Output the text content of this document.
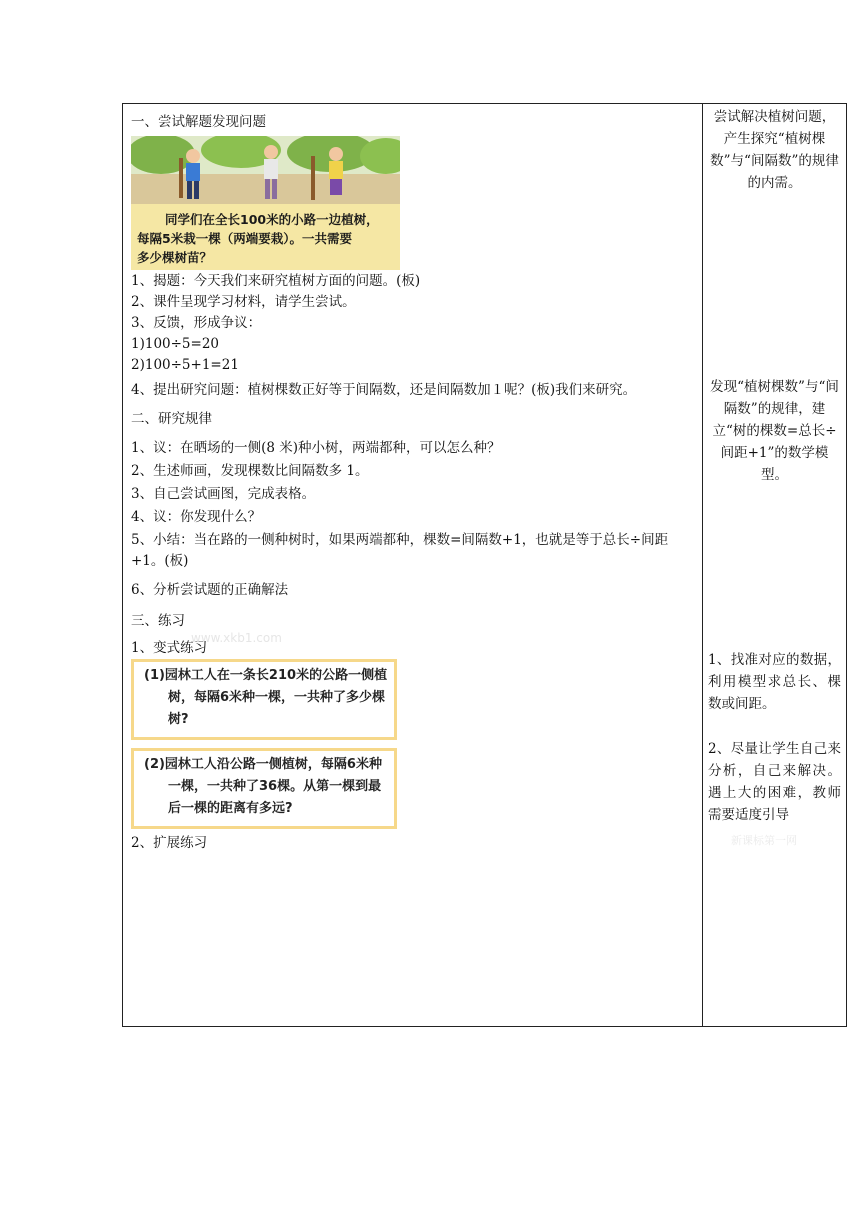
一、尝试解题发现问题

同学们在全长100米的小路一边植树，
每隔5米栽一棵（两端要栽）。一共需要
多少棵树苗？

1、揭题：今天我们来研究植树方面的问题。(板)

2、课件呈现学习材料，请学生尝试。

3、反馈，形成争议：

1)100÷5=20

2)100÷5+1=21

4、提出研究问题：植树棵数正好等于间隔数，还是间隔数加１呢？(板)我们来研究。

二、研究规律

1、议：在晒场的一侧(8 米)种小树，两端都种，可以怎么种？

2、生述师画，发现棵数比间隔数多 1。

3、自己尝试画图，完成表格。

4、议：你发现什么？

5、小结：当在路的一侧种树时，如果两端都种，棵数=间隔数+1，也就是等于总长÷间距+1。(板)

6、分析尝试题的正确解法

三、练习

1、变式练习

(1)园林工人在一条长210米的公路一侧植树，每隔6米种一棵，一共种了多少棵树?
(2)园林工人沿公路一侧植树，每隔6米种一棵，一共种了36棵。从第一棵到最后一棵的距离有多远?

2、扩展练习

尝试解决植树问题，产生探究“植树棵数”与“间隔数”的规律的内需。
发现“植树棵数”与“间隔数”的规律，建立“树的棵数=总长÷间距+1”的数学模型。
1、找准对应的数据，利用模型求总长、棵数或间距。
2、尽量让学生自己来分析，自己来解决。遇上大的困难，教师需要适度引导
www.xkb1.com
新课标第一网
